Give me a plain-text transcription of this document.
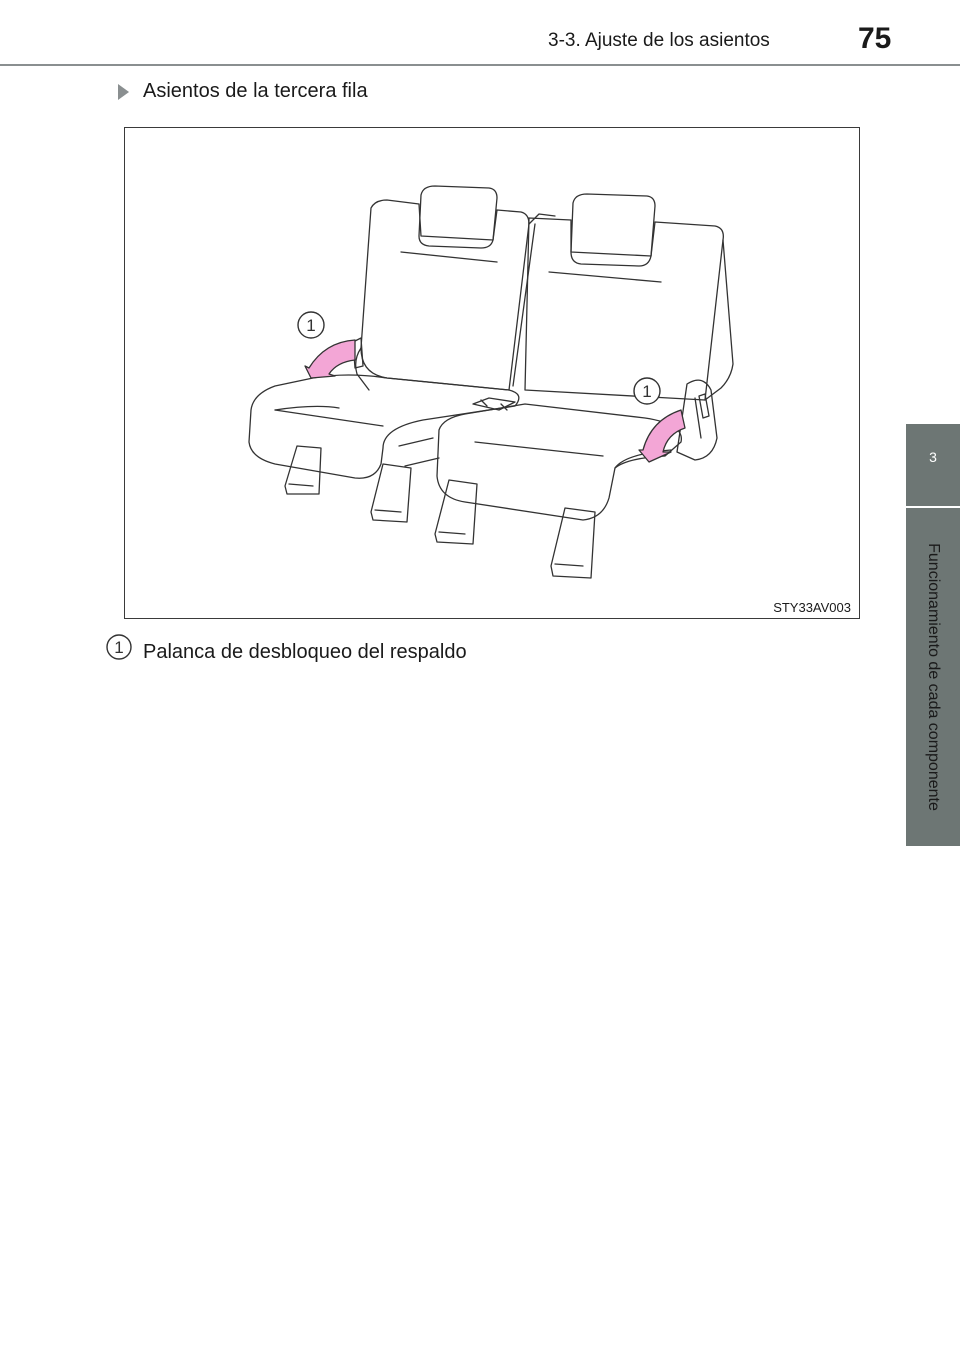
3-3. Ajuste de los asientos	75
3
Funcionamiento de cada componente
Asientos de la tercera fila
1
1
STY33AV003
1 Palanca de desbloqueo del respaldo
